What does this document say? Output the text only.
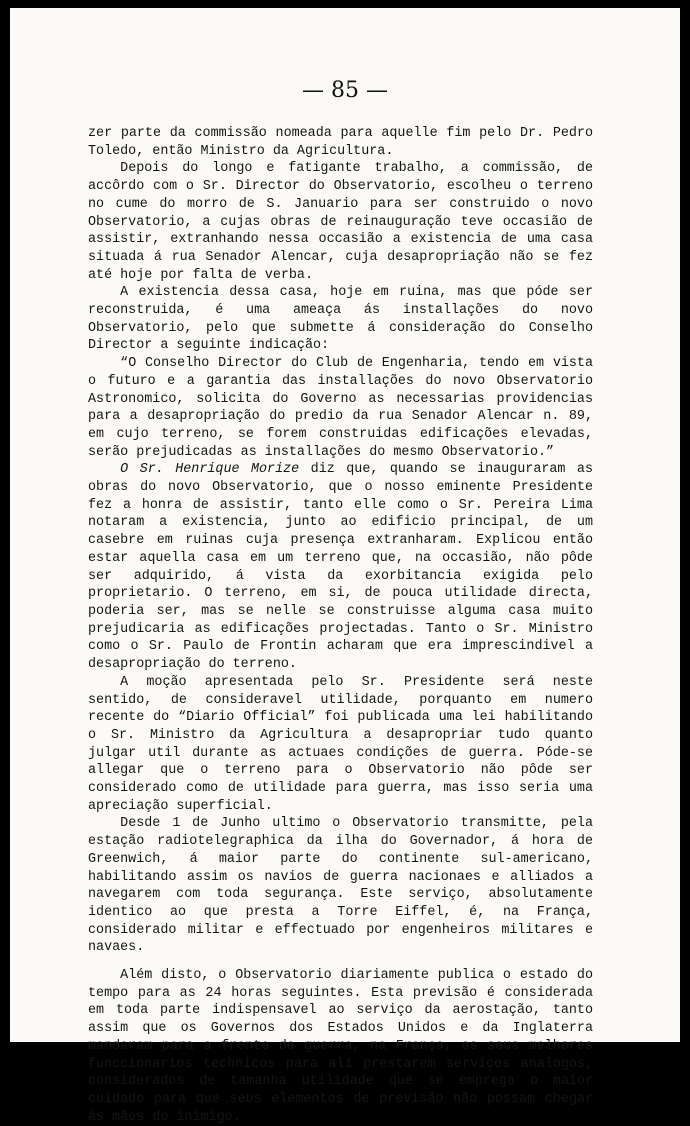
— 85 —

zer parte da commissão nomeada para aquelle fim pelo Dr. Pedro Toledo, então Ministro da Agricultura.

Depois do longo e fatigante trabalho, a commissão, de accôrdo com o Sr. Director do Observatorio, escolheu o terreno no cume do morro de S. Januario para ser construido o novo Observatorio, a cujas obras de reinauguração teve occasião de assistir, extranhando nessa occasião a existencia de uma casa situada á rua Senador Alencar, cuja desapropriação não se fez até hoje por falta de verba.

A existencia dessa casa, hoje em ruina, mas que póde ser reconstruida, é uma ameaça ás installações do novo Observatorio, pelo que submette á consideração do Conselho Director a seguinte indicação:

“O Conselho Director do Club de Engenharia, tendo em vista o futuro e a garantia das installações do novo Observatorio Astronomico, solicita do Governo as necessarias providencias para a desapropriação do predio da rua Senador Alencar n. 89, em cujo terreno, se forem construidas edificações elevadas, serão prejudicadas as installações do mesmo Observatorio.”

O Sr. Henrique Morize diz que, quando se inauguraram as obras do novo Observatorio, que o nosso eminente Presidente fez a honra de assistir, tanto elle como o Sr. Pereira Lima notaram a existencia, junto ao edificio principal, de um casebre em ruinas cuja presença extranharam. Explicou então estar aquella casa em um terreno que, na occasião, não pôde ser adquirido, á vista da exorbitancia exigida pelo proprietario. O terreno, em si, de pouca utilidade directa, poderia ser, mas se nelle se construisse alguma casa muito prejudicaria as edificações projectadas. Tanto o Sr. Ministro como o Sr. Paulo de Frontin acharam que era imprescindivel a desapropriação do terreno.

A moção apresentada pelo Sr. Presidente será neste sentido, de consideravel utilidade, porquanto em numero recente do “Diario Official” foi publicada uma lei habilitando o Sr. Ministro da Agricultura a desapropriar tudo quanto julgar util durante as actuaes condições de guerra. Póde-se allegar que o terreno para o Observatorio não pôde ser considerado como de utilidade para guerra, mas isso seria uma apreciação superficial.

Desde 1 de Junho ultimo o Observatorio transmitte, pela estação radiotelegraphica da ilha do Governador, á hora de Greenwich, á maior parte do continente sul-americano, habilitando assim os navios de guerra nacionaes e alliados a navegarem com toda segurança. Este serviço, absolutamente identico ao que presta a Torre Eiffel, é, na França, considerado militar e effectuado por engenheiros militares e navaes.

Além disto, o Observatorio diariamente publica o estado do tempo para as 24 horas seguintes. Esta previsão é considerada em toda parte indispensavel ao serviço da aerostação, tanto assim que os Governos dos Estados Unidos e da Inglaterra mandaram para a frente de guerra, na França, os seus melhores funccionarios technicos para alí prestarem serviços analogos, considerados de tamanha utilidade que se emprega o maior cuidado para que seus elementos de previsão não possam chegar ás mãos do inimigo.
